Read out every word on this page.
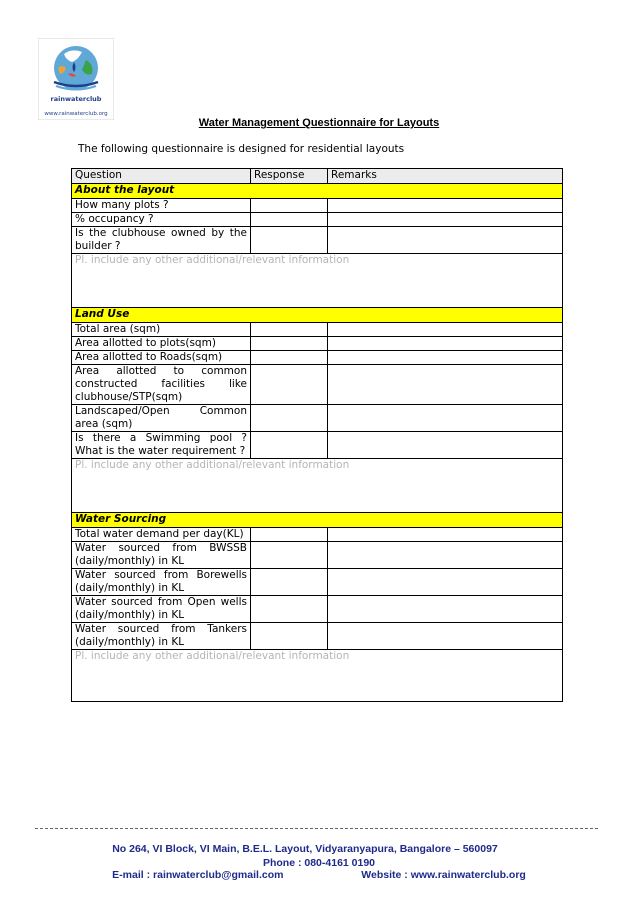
rainwaterclub
www.rainwaterclub.org
Water Management Questionnaire for Layouts
The following questionnaire is designed for residential layouts
Question	Response	Remarks
About the layout		
How many plots ?		
% occupancy ?		
Is the clubhouse owned by the builder ?		
Pl. include any other additional/relevant information		
Land Use		
Total area (sqm)		
Area allotted to plots(sqm)		
Area allotted to Roads(sqm)		
Area allotted to common constructed facilities like clubhouse/STP(sqm)		
Landscaped/Open Common area (sqm)		
Is there a Swimming pool ? What is the water requirement ?		
Pl. include any other additional/relevant information		
Water Sourcing		
Total water demand per day(KL)		
Water sourced from BWSSB (daily/monthly) in KL		
Water sourced from Borewells (daily/monthly) in KL		
Water sourced from Open wells (daily/monthly) in KL		
Water sourced from Tankers (daily/monthly) in KL		
Pl. include any other additional/relevant information		
No 264, VI Block, VI Main, B.E.L. Layout, Vidyaranyapura, Bangalore – 560097
Phone : 080-4161 0190
E-mail : rainwaterclub@gmail.com	Website : www.rainwaterclub.org
